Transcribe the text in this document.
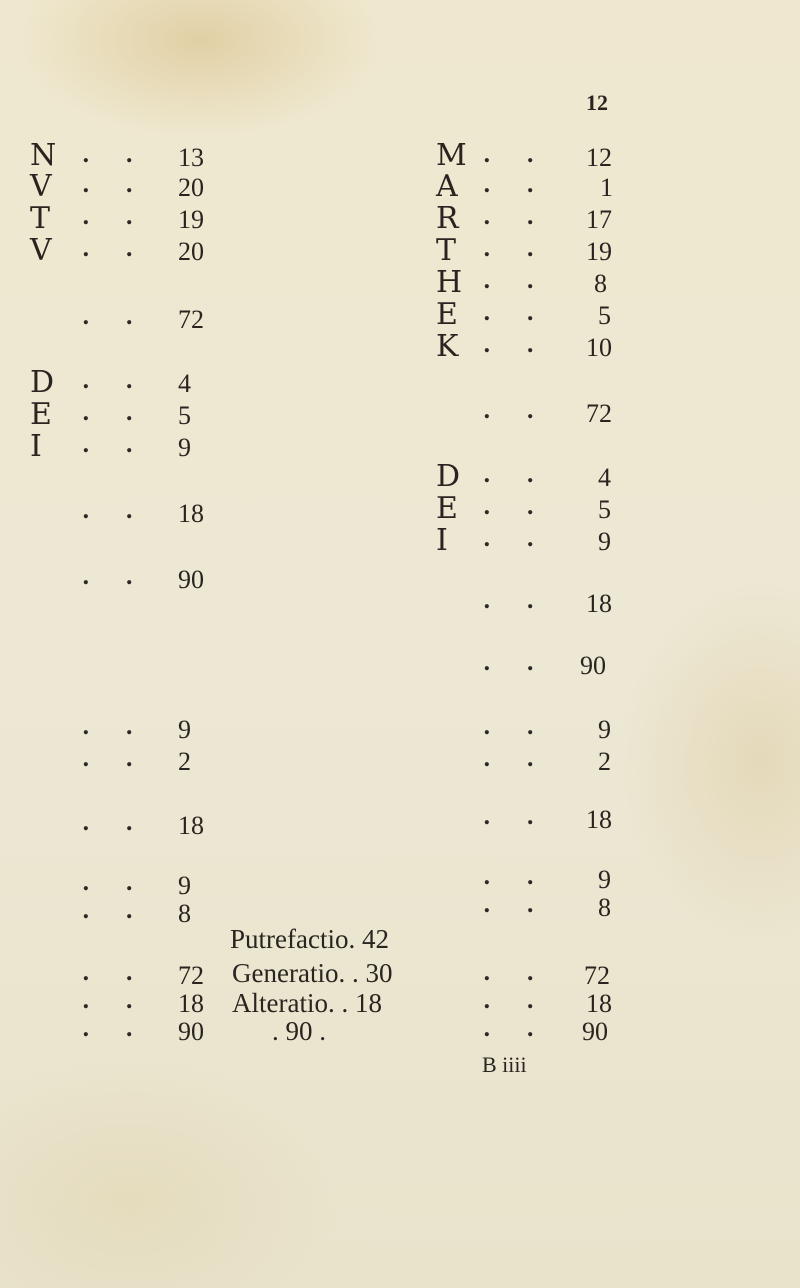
12
N . . 13
V . . 20
T . . 19
V . . 20
. . 72
D . . 4
E . . 5
I . . 9
. . 18
. . 90
. . 9
. . 2
. . 18
. . 9
. . 8
. . 72
. . 18
. . 90
Putrefactio. 42
Generatio. . 30
Alteratio. . 18
. 90 .
M . . 12
A . . 1
R . . 17
T . . 19
H . . 8
E . . 5
K . . 10
. . 72
D . . 4
E . . 5
I . . 9
. . 18
. . 90
. . 9
. . 2
. . 18
. . 9
. . 8
. . 72
. . 18
. . 90
B iiii
